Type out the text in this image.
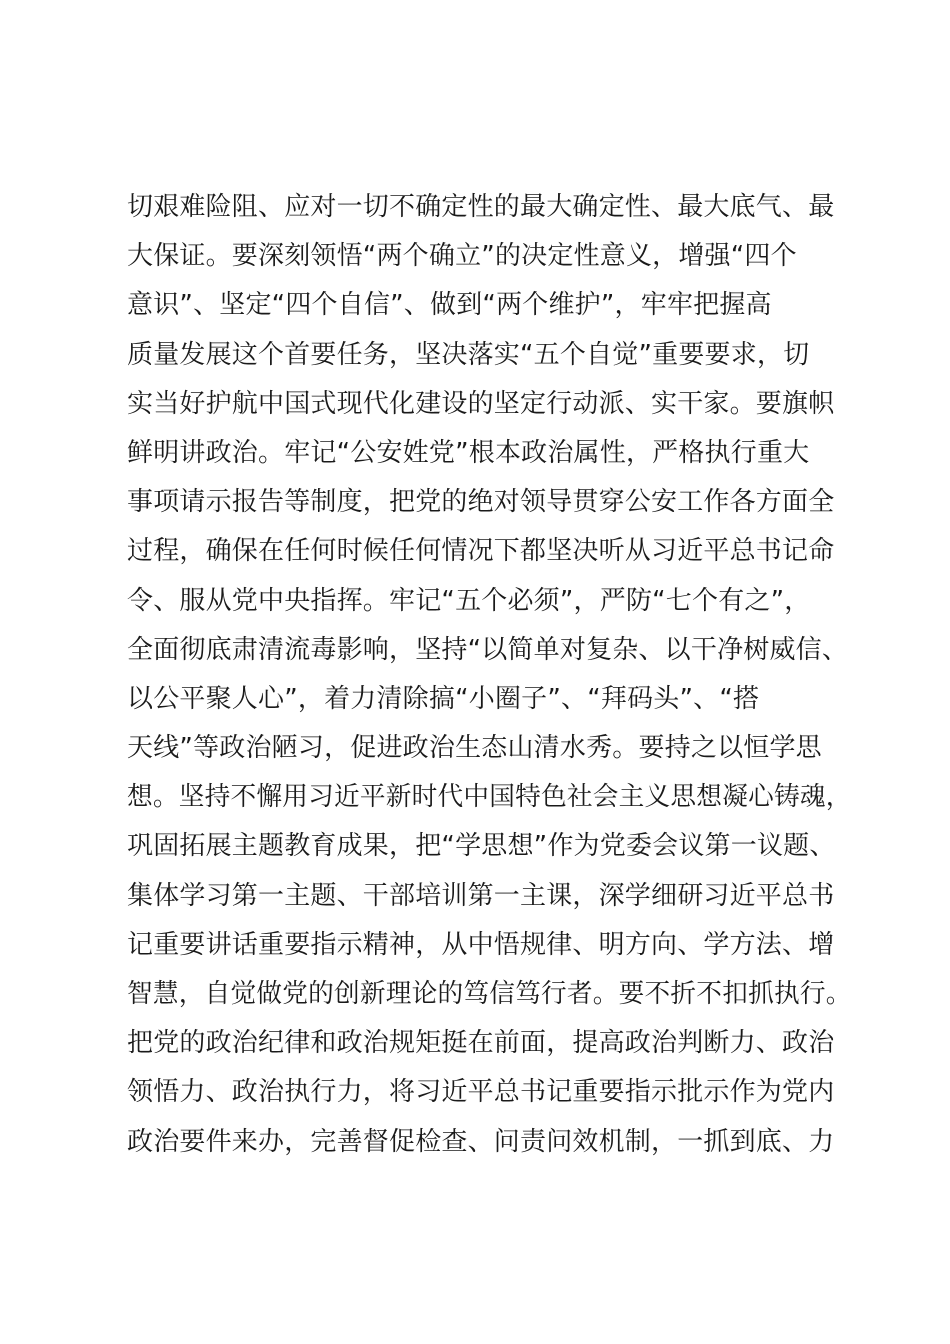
切艰难险阻、应对一切不确定性的最大确定性、最大底气、最
大保证。要深刻领悟“两个确立”的决定性意义，增强“四个
意识”、坚定“四个自信”、做到“两个维护”，牢牢把握高
质量发展这个首要任务，坚决落实“五个自觉”重要要求，切
实当好护航中国式现代化建设的坚定行动派、实干家。要旗帜
鲜明讲政治。牢记“公安姓党”根本政治属性，严格执行重大
事项请示报告等制度，把党的绝对领导贯穿公安工作各方面全
过程，确保在任何时候任何情况下都坚决听从习近平总书记命
令、服从党中央指挥。牢记“五个必须”，严防“七个有之”，
全面彻底肃清流毒影响，坚持“以简单对复杂、以干净树威信、
以公平聚人心”，着力清除搞“小圈子”、“拜码头”、“搭
天线”等政治陋习，促进政治生态山清水秀。要持之以恒学思
想。坚持不懈用习近平新时代中国特色社会主义思想凝心铸魂，
巩固拓展主题教育成果，把“学思想”作为党委会议第一议题、
集体学习第一主题、干部培训第一主课，深学细研习近平总书
记重要讲话重要指示精神，从中悟规律、明方向、学方法、增
智慧，自觉做党的创新理论的笃信笃行者。要不折不扣抓执行。
把党的政治纪律和政治规矩挺在前面，提高政治判断力、政治
领悟力、政治执行力，将习近平总书记重要指示批示作为党内
政治要件来办，完善督促检查、问责问效机制，一抓到底、力
